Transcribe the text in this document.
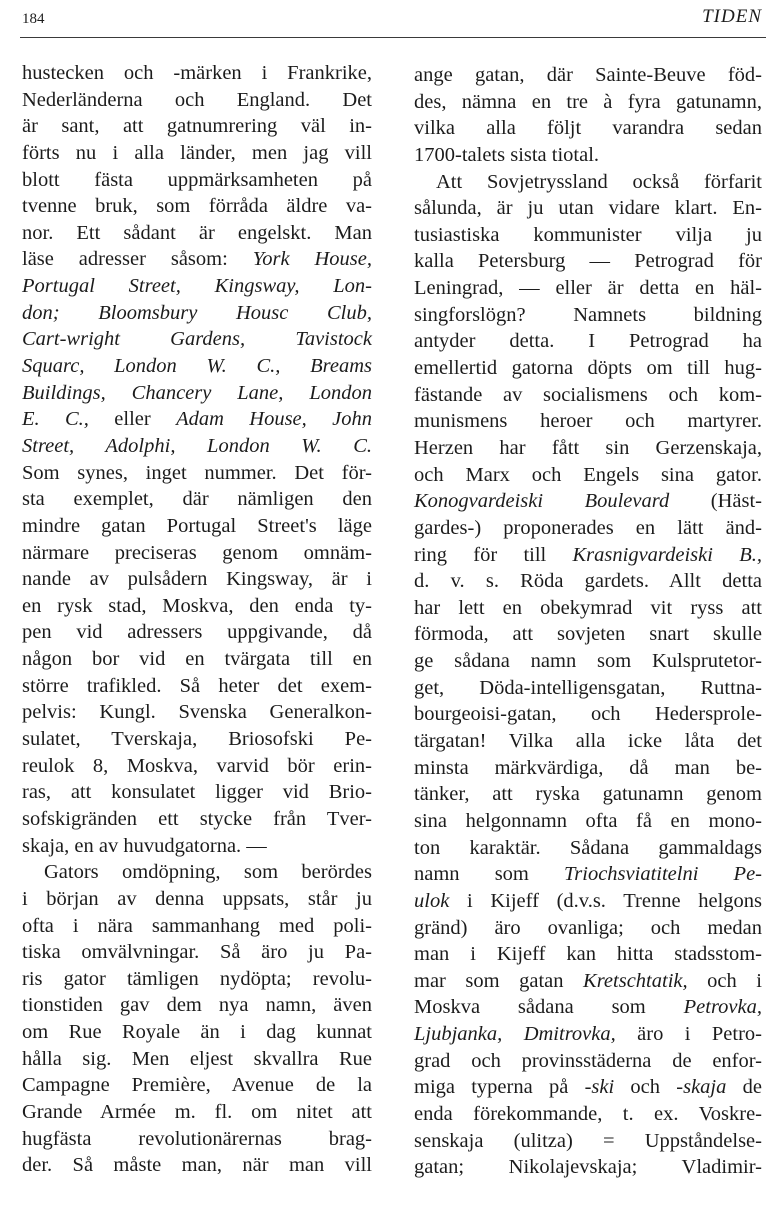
184	TIDEN
hustecken och -märken i Frankrike,
Nederländerna och England. Det
är sant, att gatnumrering väl in-
förts nu i alla länder, men jag vill
blott fästa uppmärksamheten på
tvenne bruk, som förråda äldre va-
nor. Ett sådant är engelskt. Man
läse adresser såsom: York House,
Portugal Street, Kingsway, Lon-
don; Bloomsbury Housc Club,
Cart-wright Gardens, Tavistock
Squarc, London W. C., Breams
Buildings, Chancery Lane, London
E. C., eller Adam House, John
Street, Adolphi, London W. C.
Som synes, inget nummer. Det för-
sta exemplet, där nämligen den
mindre gatan Portugal Street's läge
närmare preciseras genom omnäm-
nande av pulsådern Kingsway, är i
en rysk stad, Moskva, den enda ty-
pen vid adressers uppgivande, då
någon bor vid en tvärgata till en
större trafikled. Så heter det exem-
pelvis: Kungl. Svenska Generalkon-
sulatet, Tverskaja, Briosofski Pe-
reulok 8, Moskva, varvid bör erin-
ras, att konsulatet ligger vid Brio-
sofskigränden ett stycke från Tver-
skaja, en av huvudgatorna. —
Gators omdöpning, som berördes
i början av denna uppsats, står ju
ofta i nära sammanhang med poli-
tiska omvälvningar. Så äro ju Pa-
ris gator tämligen nydöpta; revolu-
tionstiden gav dem nya namn, även
om Rue Royale än i dag kunnat
hålla sig. Men eljest skvallra Rue
Campagne Première, Avenue de la
Grande Armée m. fl. om nitet att
hugfästa revolutionärernas brag-
der. Så måste man, när man vill
ange gatan, där Sainte-Beuve föd-
des, nämna en tre à fyra gatunamn,
vilka alla följt varandra sedan
1700-talets sista tiotal.
Att Sovjetryssland också förfarit
sålunda, är ju utan vidare klart. En-
tusiastiska kommunister vilja ju
kalla Petersburg — Petrograd för
Leningrad, — eller är detta en häl-
singforslögn? Namnets bildning
antyder detta. I Petrograd ha
emellertid gatorna döpts om till hug-
fästande av socialismens och kom-
munismens heroer och martyrer.
Herzen har fått sin Gerzenskaja,
och Marx och Engels sina gator.
Konogvardeiski Boulevard (Häst-
gardes-) proponerades en lätt änd-
ring för till Krasnigvardeiski B.,
d. v. s. Röda gardets. Allt detta
har lett en obekymrad vit ryss att
förmoda, att sovjeten snart skulle
ge sådana namn som Kulsprutetor-
get, Döda-intelligensgatan, Ruttna-
bourgeoisi-gatan, och Hedersprole-
tärgatan! Vilka alla icke låta det
minsta märkvärdiga, då man be-
tänker, att ryska gatunamn genom
sina helgonnamn ofta få en mono-
ton karaktär. Sådana gammaldags
namn som Triochsviatitelni Pe-
ulok i Kijeff (d.v.s. Trenne helgons
gränd) äro ovanliga; och medan
man i Kijeff kan hitta stadsstom-
mar som gatan Kretschtatik, och i
Moskva sådana som Petrovka,
Ljubjanka, Dmitrovka, äro i Petro-
grad och provinsstäderna de enfor-
miga typerna på -ski och -skaja de
enda förekommande, t. ex. Voskre-
senskaja (ulitza) = Uppståndelse-
gatan; Nikolajevskaja; Vladimir-
